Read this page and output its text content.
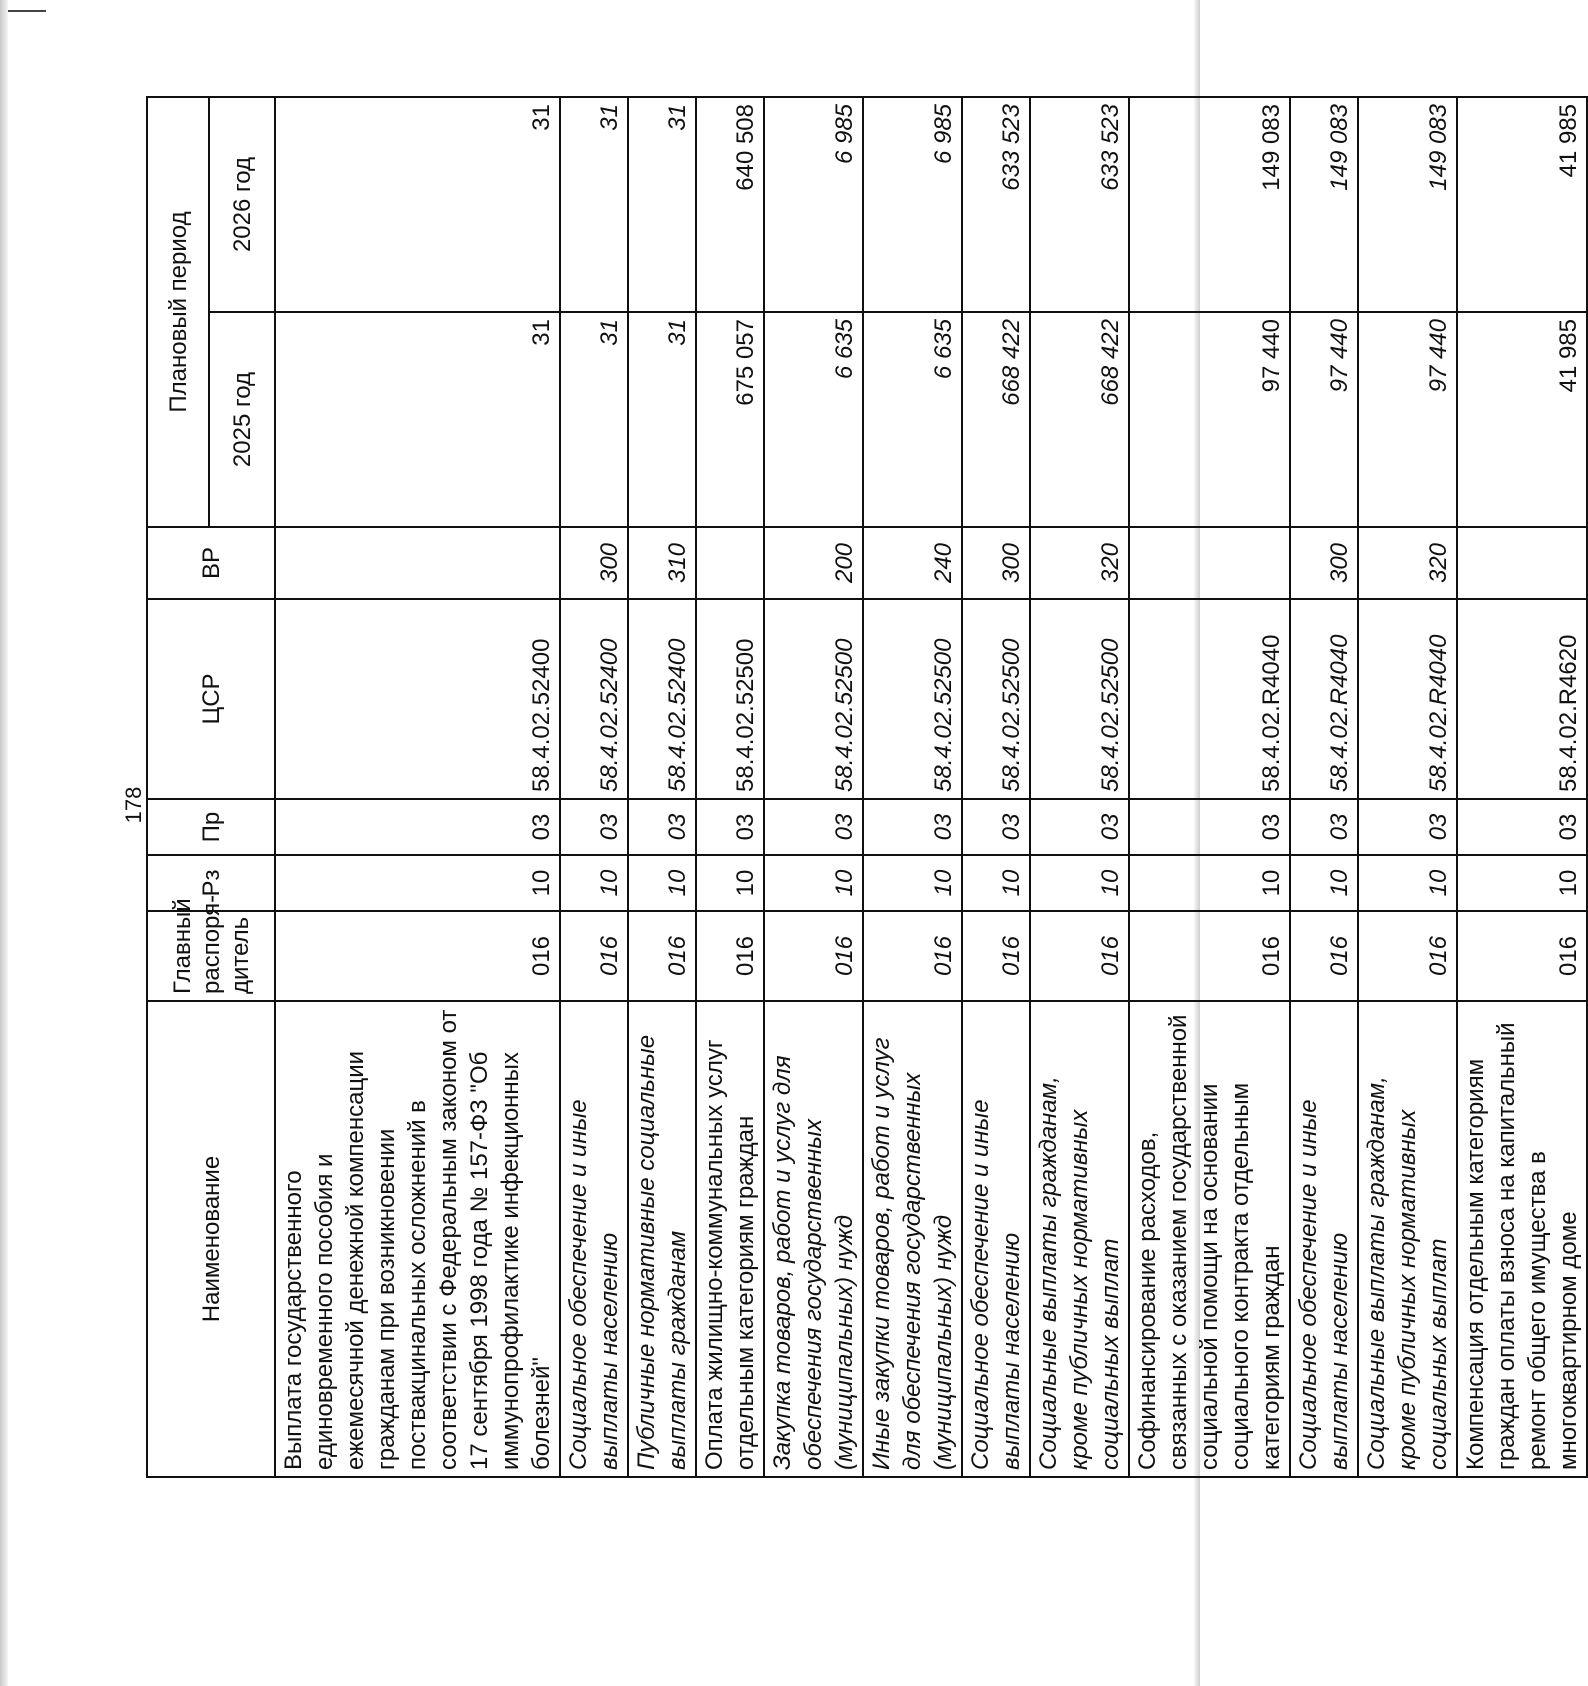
178
Наименование	Главный распоря-дитель	Рз	Пр	ЦСР	ВР	Плановый период	
						2025 год	2026 год
Выплата государственного единовременного пособия и ежемесячной денежной компенсации гражданам при возникновении поствакцинальных осложнений в соответствии с Федеральным законом от 17 сентября 1998 года № 157-ФЗ "Об иммунопрофилактике инфекционных болезней"	016	10	03	58.4.02.52400		31	31
Социальное обеспечение и иные выплаты населению	016	10	03	58.4.02.52400	300	31	31
Публичные нормативные социальные выплаты гражданам	016	10	03	58.4.02.52400	310	31	31
Оплата жилищно-коммунальных услуг отдельным категориям граждан	016	10	03	58.4.02.52500		675 057	640 508
Закупка товаров, работ и услуг для обеспечения государственных (муниципальных) нужд	016	10	03	58.4.02.52500	200	6 635	6 985
Иные закупки товаров, работ и услуг для обеспечения государственных (муниципальных) нужд	016	10	03	58.4.02.52500	240	6 635	6 985
Социальное обеспечение и иные выплаты населению	016	10	03	58.4.02.52500	300	668 422	633 523
Социальные выплаты гражданам, кроме публичных нормативных социальных выплат	016	10	03	58.4.02.52500	320	668 422	633 523
Софинансирование расходов, связанных с оказанием государственной социальной помощи на основании социального контракта отдельным категориям граждан	016	10	03	58.4.02.R4040		97 440	149 083
Социальное обеспечение и иные выплаты населению	016	10	03	58.4.02.R4040	300	97 440	149 083
Социальные выплаты гражданам, кроме публичных нормативных социальных выплат	016	10	03	58.4.02.R4040	320	97 440	149 083
Компенсация отдельным категориям граждан оплаты взноса на капитальный ремонт общего имущества в многоквартирном доме	016	10	03	58.4.02.R4620		41 985	41 985
